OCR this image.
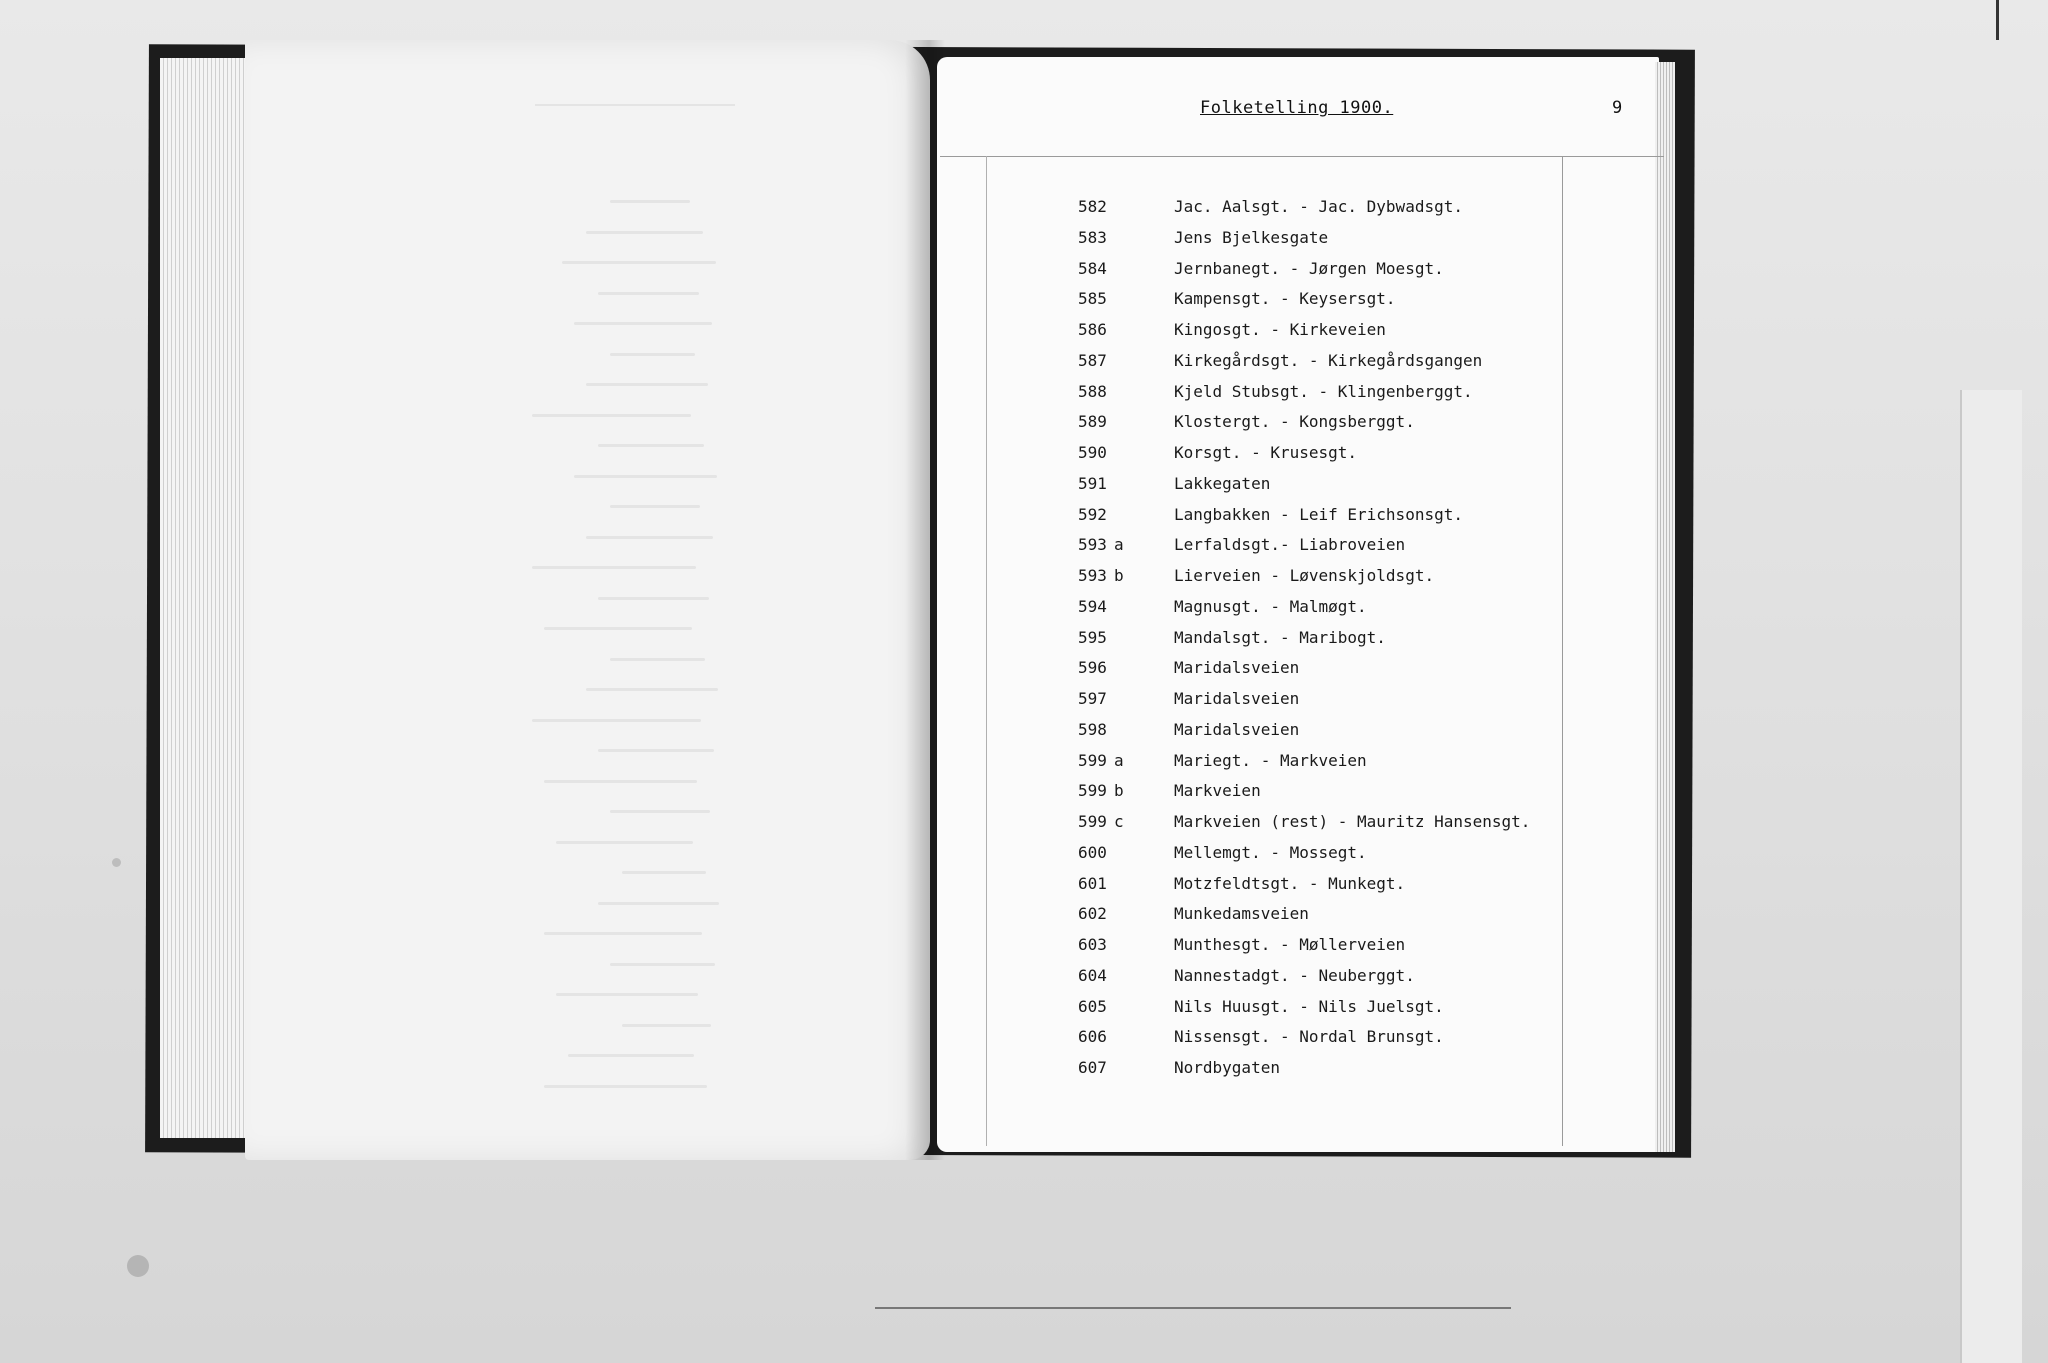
Folketelling 1900.	9
582	Jac. Aalsgt. - Jac. Dybwadsgt.
583	Jens Bjelkesgate
584	Jernbanegt. - Jørgen Moesgt.
585	Kampensgt. - Keysersgt.
586	Kingosgt. - Kirkeveien
587	Kirkegårdsgt. - Kirkegårdsgangen
588	Kjeld Stubsgt. - Klingenberggt.
589	Klostergt. - Kongsberggt.
590	Korsgt. - Krusesgt.
591	Lakkegaten
592	Langbakken - Leif Erichsonsgt.
593 a	Lerfaldsgt.- Liabroveien
593 b	Lierveien - Løvenskjoldsgt.
594	Magnusgt. - Malmøgt.
595	Mandalsgt. - Maribogt.
596	Maridalsveien
597	Maridalsveien
598	Maridalsveien
599 a	Mariegt. - Markveien
599 b	Markveien
599 c	Markveien (rest) - Mauritz Hansensgt.
600	Mellemgt. - Mossegt.
601	Motzfeldtsgt. - Munkegt.
602	Munkedamsveien
603	Munthesgt. - Møllerveien
604	Nannestadgt. - Neuberggt.
605	Nils Huusgt. - Nils Juelsgt.
606	Nissensgt. - Nordal Brunsgt.
607	Nordbygaten
